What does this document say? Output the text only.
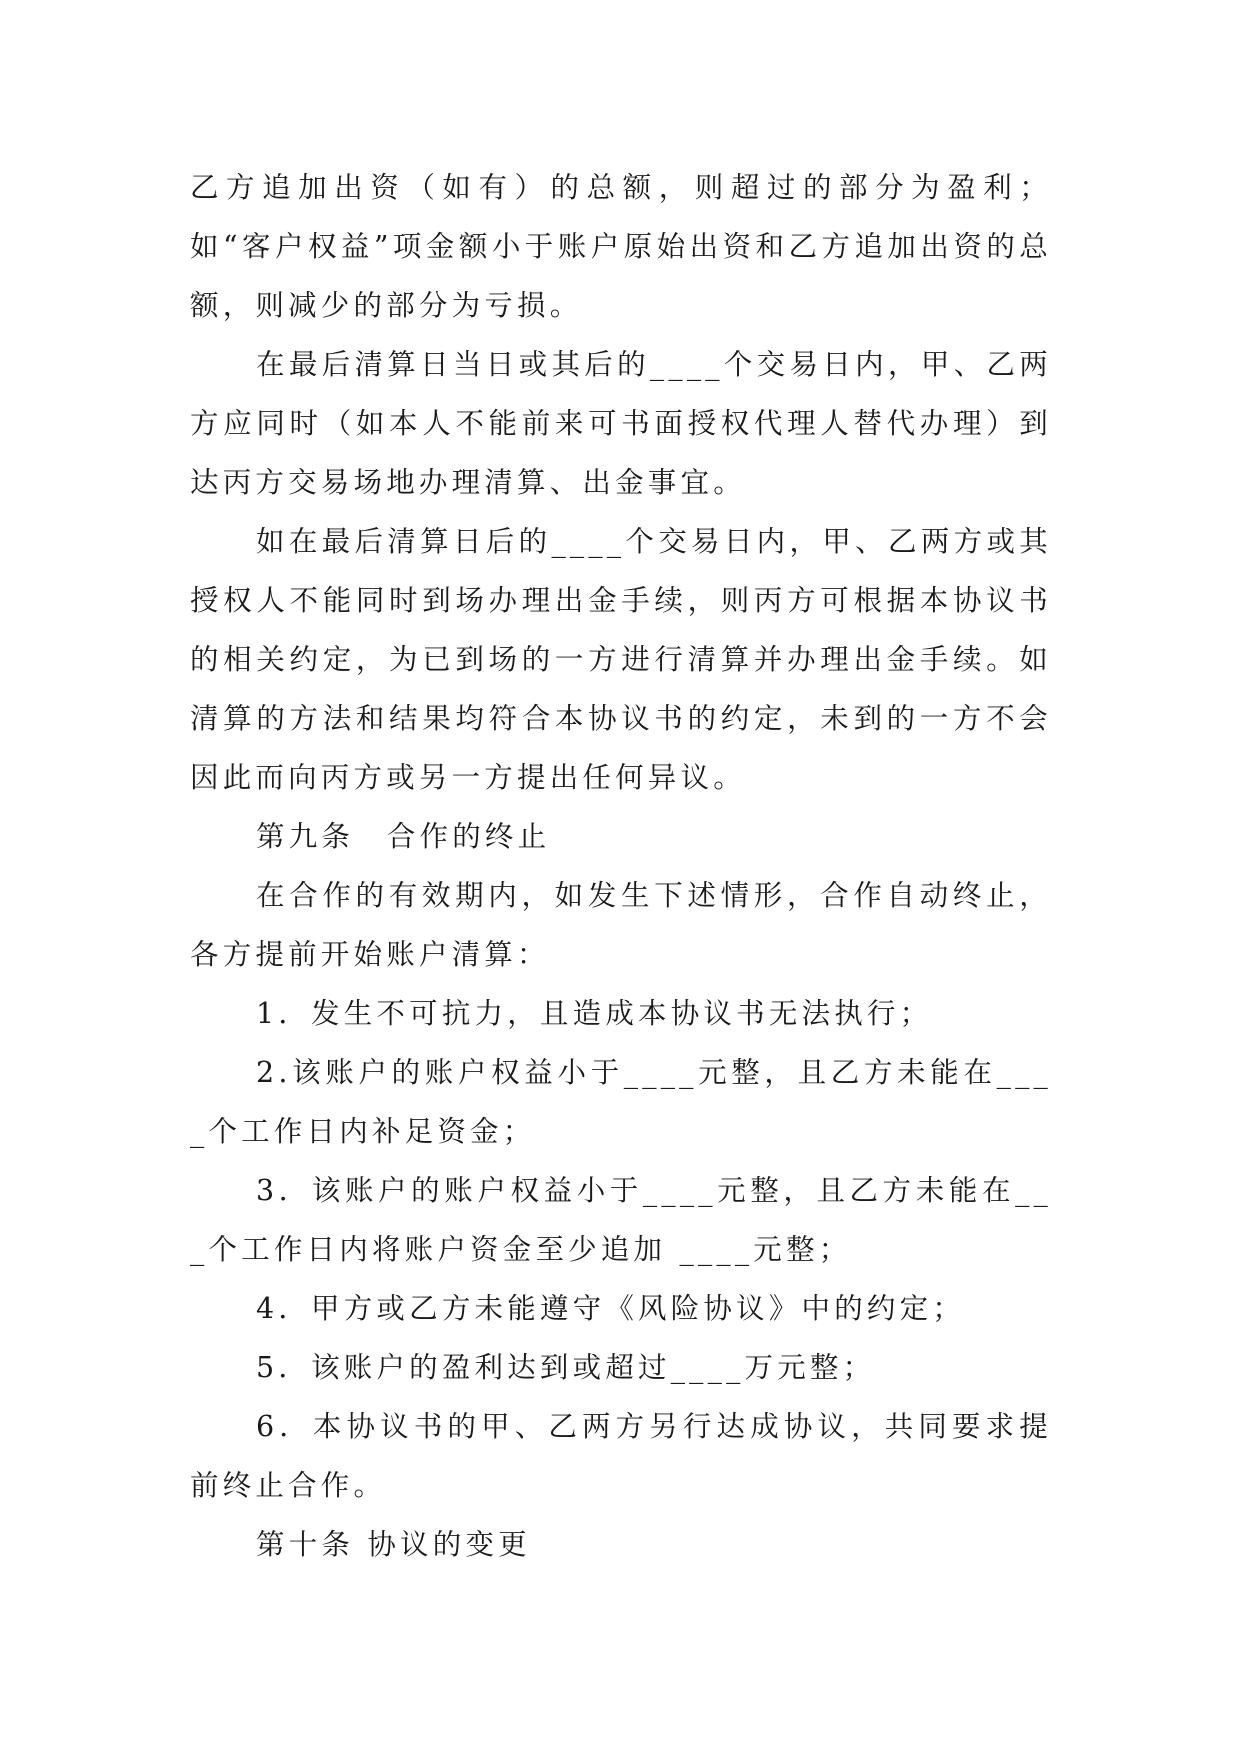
乙方追加出资（如有）的总额，则超过的部分为盈利；如“客户权益”项金额小于账户原始出资和乙方追加出资的总额，则减少的部分为亏损。

在最后清算日当日或其后的____个交易日内，甲、乙两方应同时（如本人不能前来可书面授权代理人替代办理）到达丙方交易场地办理清算、出金事宜。

如在最后清算日后的____个交易日内，甲、乙两方或其授权人不能同时到场办理出金手续，则丙方可根据本协议书的相关约定，为已到场的一方进行清算并办理出金手续。如清算的方法和结果均符合本协议书的约定，未到的一方不会因此而向丙方或另一方提出任何异议。

第九条　合作的终止

在合作的有效期内，如发生下述情形，合作自动终止，各方提前开始账户清算：

1．发生不可抗力，且造成本协议书无法执行；

2.该账户的账户权益小于____元整，且乙方未能在____个工作日内补足资金；

3．该账户的账户权益小于____元整，且乙方未能在___个工作日内将账户资金至少追加 ____元整；

4．甲方或乙方未能遵守《风险协议》中的约定；

5．该账户的盈利达到或超过____万元整；

6．本协议书的甲、乙两方另行达成协议，共同要求提前终止合作。

第十条 协议的变更
